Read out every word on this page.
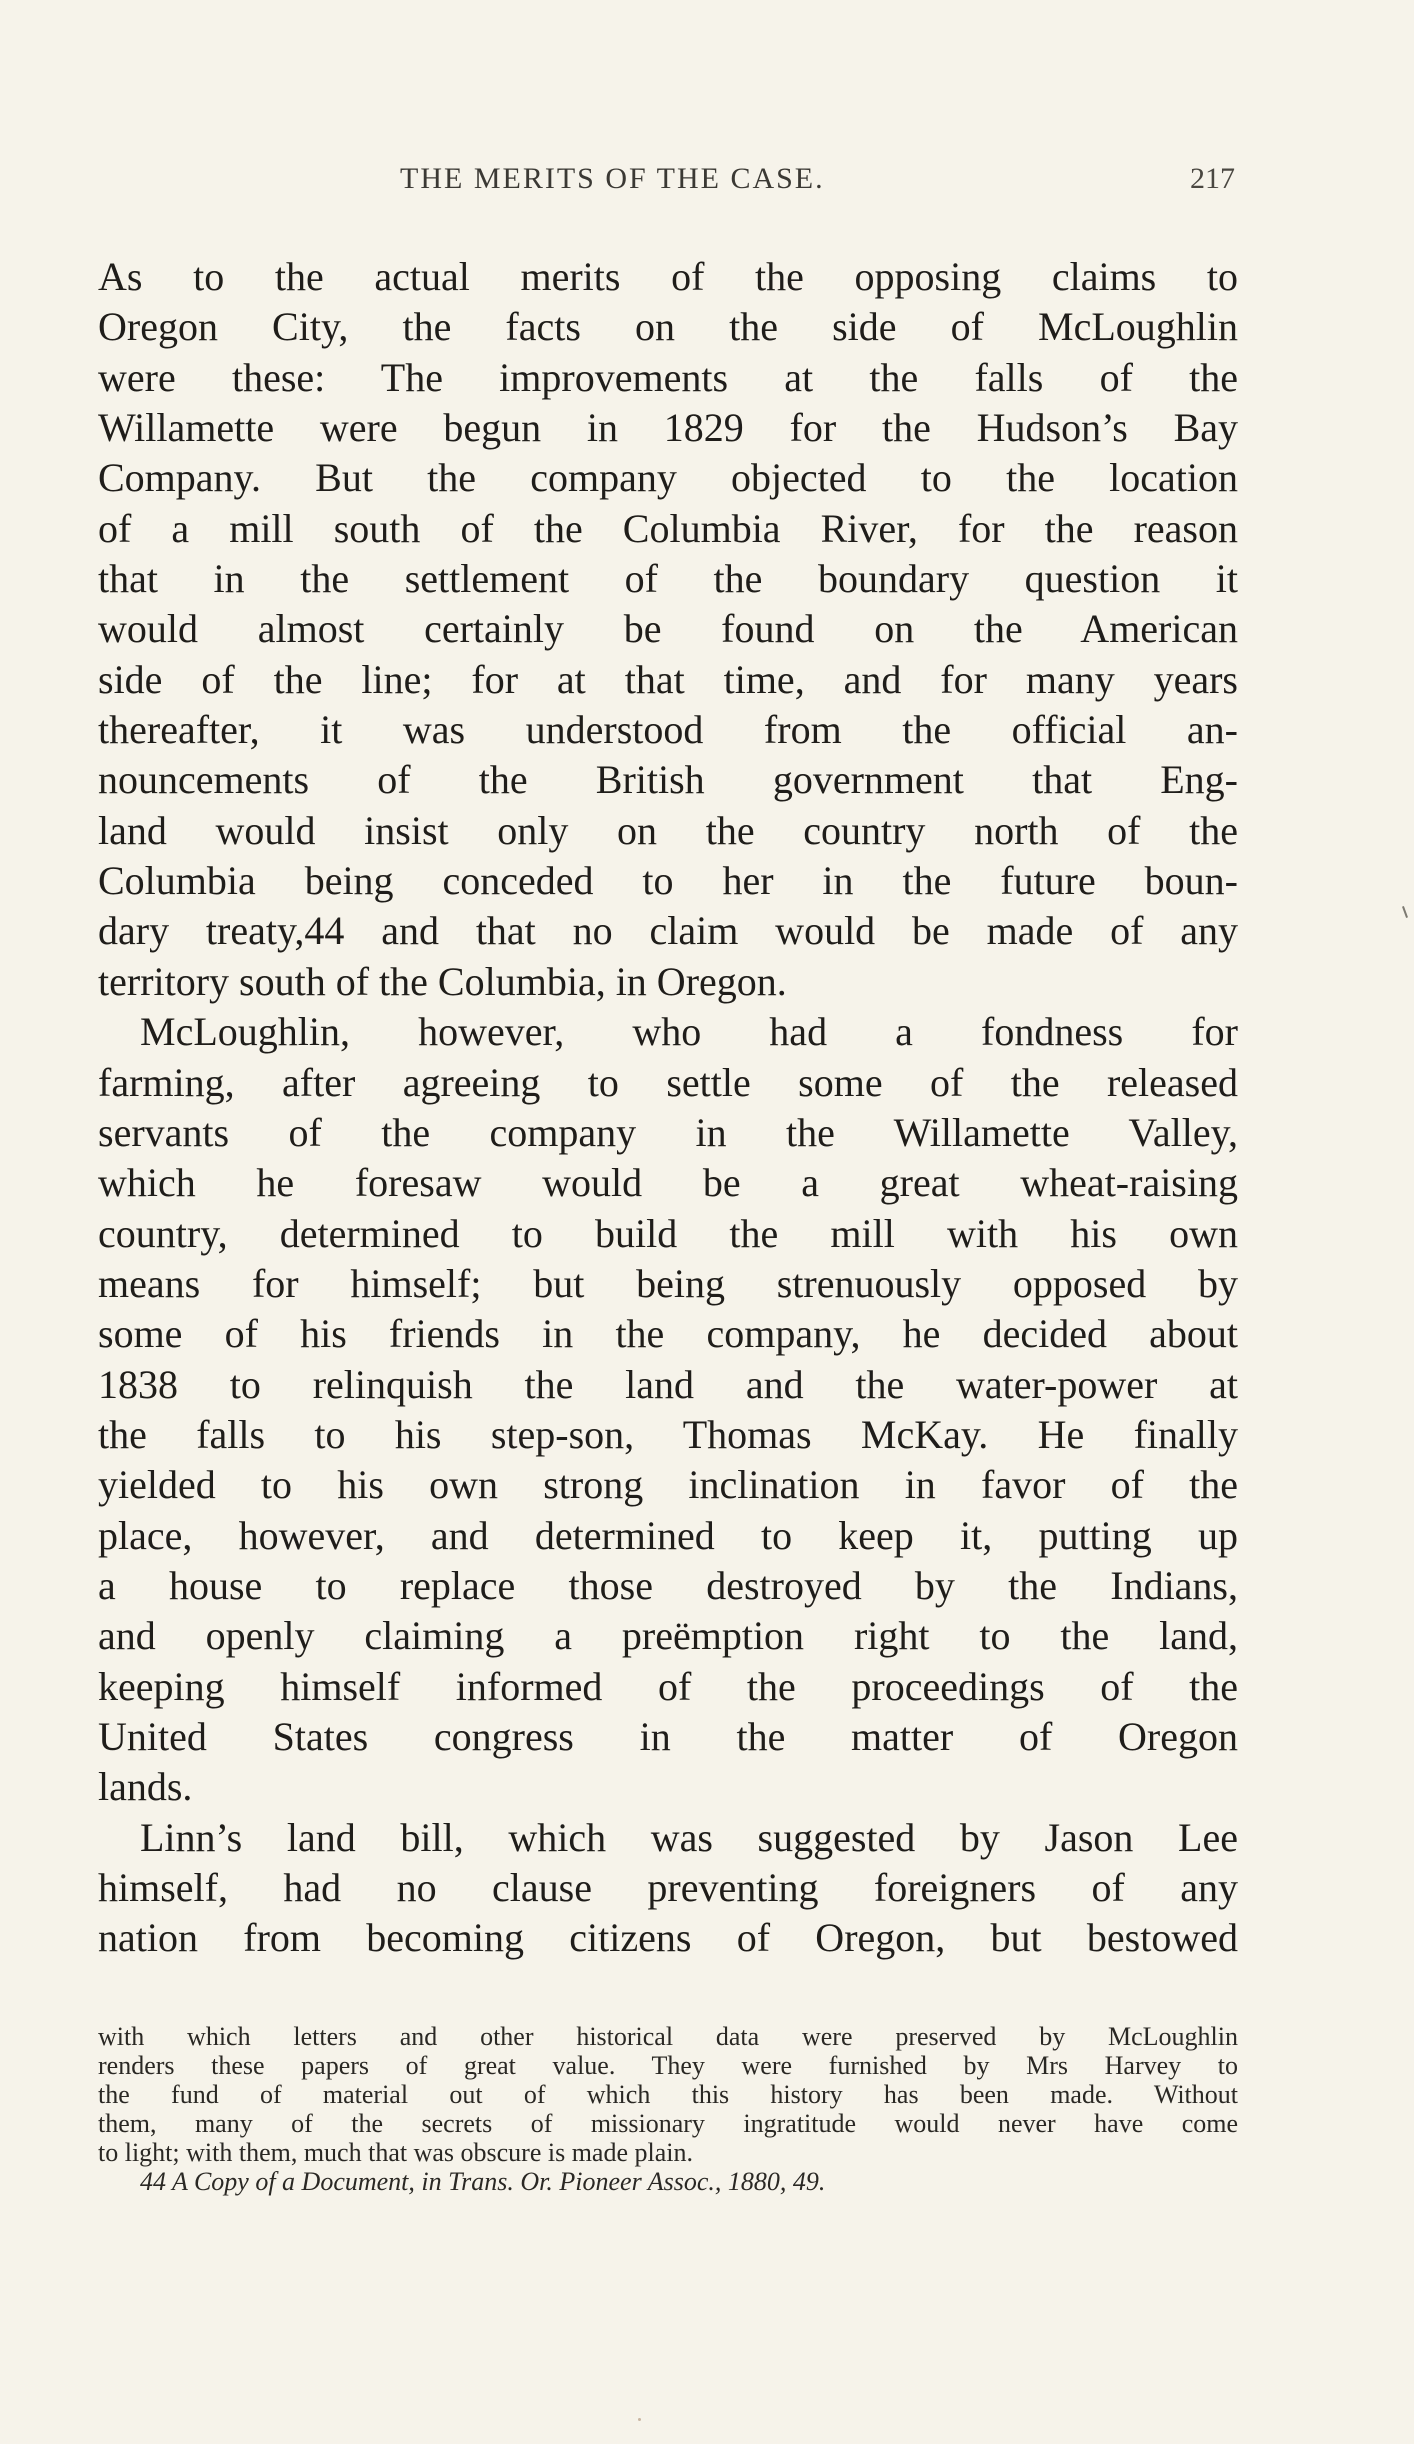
THE MERITS OF THE CASE.	217
As to the actual merits of the opposing claims to
Oregon City, the facts on the side of McLoughlin
were these: The improvements at the falls of the
Willamette were begun in 1829 for the Hudson’s Bay
Company. But the company objected to the location
of a mill south of the Columbia River, for the reason
that in the settlement of the boundary question it
would almost certainly be found on the American
side of the line; for at that time, and for many years
thereafter, it was understood from the official an-
nouncements of the British government that Eng-
land would insist only on the country north of the
Columbia being conceded to her in the future boun-
dary treaty,44 and that no claim would be made of any
territory south of the Columbia, in Oregon.
McLoughlin, however, who had a fondness for
farming, after agreeing to settle some of the released
servants of the company in the Willamette Valley,
which he foresaw would be a great wheat-raising
country, determined to build the mill with his own
means for himself; but being strenuously opposed by
some of his friends in the company, he decided about
1838 to relinquish the land and the water-power at
the falls to his step-son, Thomas McKay. He finally
yielded to his own strong inclination in favor of the
place, however, and determined to keep it, putting up
a house to replace those destroyed by the Indians,
and openly claiming a preëmption right to the land,
keeping himself informed of the proceedings of the
United States congress in the matter of Oregon
lands.
Linn’s land bill, which was suggested by Jason Lee
himself, had no clause preventing foreigners of any
nation from becoming citizens of Oregon, but bestowed
with which letters and other historical data were preserved by McLoughlin
renders these papers of great value. They were furnished by Mrs Harvey to
the fund of material out of which this history has been made. Without
them, many of the secrets of missionary ingratitude would never have come
to light; with them, much that was obscure is made plain.
44 A Copy of a Document, in Trans. Or. Pioneer Assoc., 1880, 49.
